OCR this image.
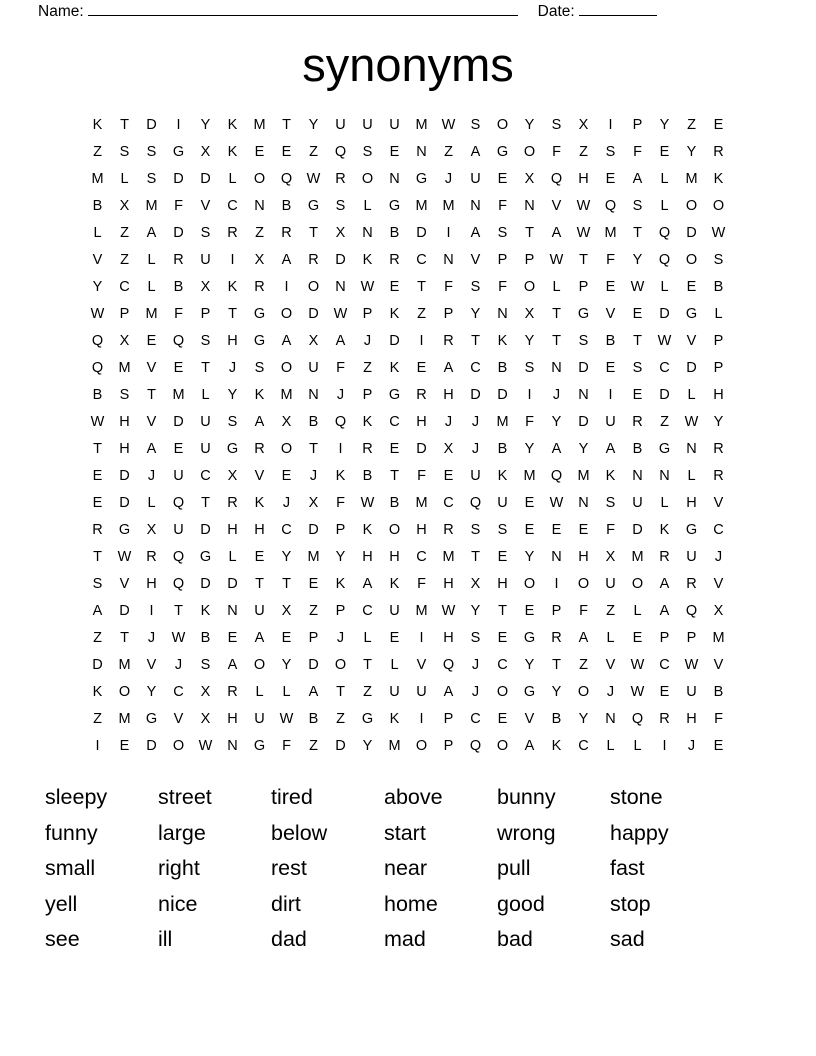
Name:	Date:
synonyms
K	T	D	I	Y	K	M	T	Y	U	U	U	M W	S	O	Y	S	X	I	P	Y	Z	E
Z	S	S	G	X	K	E	E	Z	Q	S	E	N	Z	A	G	O	F	Z	S	F	E	Y	R
M	L	S	D	D	L	O	Q	W	R	O	N	G	J	U	E	X	Q	H	E	A	L	M	K
B	X	M	F	V	C	N	B	G	S	L	G	M	M	N	F	N	V	W	Q	S	L	O	O
L	Z	A	D	S	R	Z	R	T	X	N	B	D	I	A	S	T	A	W M	T	Q	D	W
V	Z	L	R	U	I	X	A	R	D	K	R	C	N	V	P	P	W	T	F	Y	Q	O	S
Y	C	L	B	X	K	R	I	O	N	W	E	T	F	S	F	O	L	P	E	W	L	E	B
W	P	M	F	P	T	G	O	D	W	P	K	Z	P	Y	N	X	T	G	V	E	D	G	L
Q	X	E	Q	S	H	G	A	X	A	J	D	I	R	T	K	Y	T	S	B	T	W	V	P
Q	M	V	E	T	J	S	O	U	F	Z	K	E	A	C	B	S	N	D	E	S	C	D	P
B	S	T	M	L	Y	K	M	N	J	P	G	R	H	D	D	I	J	N	I	E	D	L	H
W	H	V	D	U	S	A	X	B	Q	K	C	H	J	J	M	F	Y	D	U	R	Z	W	Y
T	H	A	E	U	G	R	O	T	I	R	E	D	X	J	B	Y	A	Y	A	B	G	N	R
E	D	J	U	C	X	V	E	J	K	B	T	F	E	U	K	M	Q	M	K	N	N	L	R
E	D	L	Q	T	R	K	J	X	F	W	B	M	C	Q	U	E	W	N	S	U	L	H	V
R	G	X	U	D	H	H	C	D	P	K	O	H	R	S	S	E	E	E	F	D	K	G	C
T	W	R	Q	G	L	E	Y	M	Y	H	H	C	M	T	E	Y	N	H	X	M	R	U	J
S	V	H	Q	D	D	T	T	E	K	A	K	F	H	X	H	O	I	O	U	O	A	R	V
A	D	I	T	K	N	U	X	Z	P	C	U	M W	Y	T	E	P	F	Z	L	A	Q	X
Z	T	J	W	B	E	A	E	P	J	L	E	I	H	S	E	G	R	A	L	E	P	P	M
D	M	V	J	S	A	O	Y	D	O	T	L	V	Q	J	C	Y	T	Z	V	W	C	W	V
K	O	Y	C	X	R	L	L	A	T	Z	U	U	A	J	O	G	Y	O	J	W	E	U	B
Z	M	G	V	X	H	U	W	B	Z	G	K	I	P	C	E	V	B	Y	N	Q	R	H	F
I	E	D	O	W	N	G	F	Z	D	Y	M	O	P	Q	O	A	K	C	L	L	I	J	E
sleepy	street	tired	above	bunny	stone
funny	large	below	start	wrong	happy
small	right	rest	near	pull	fast
yell	nice	dirt	home	good	stop
see	ill	dad	mad	bad	sad
